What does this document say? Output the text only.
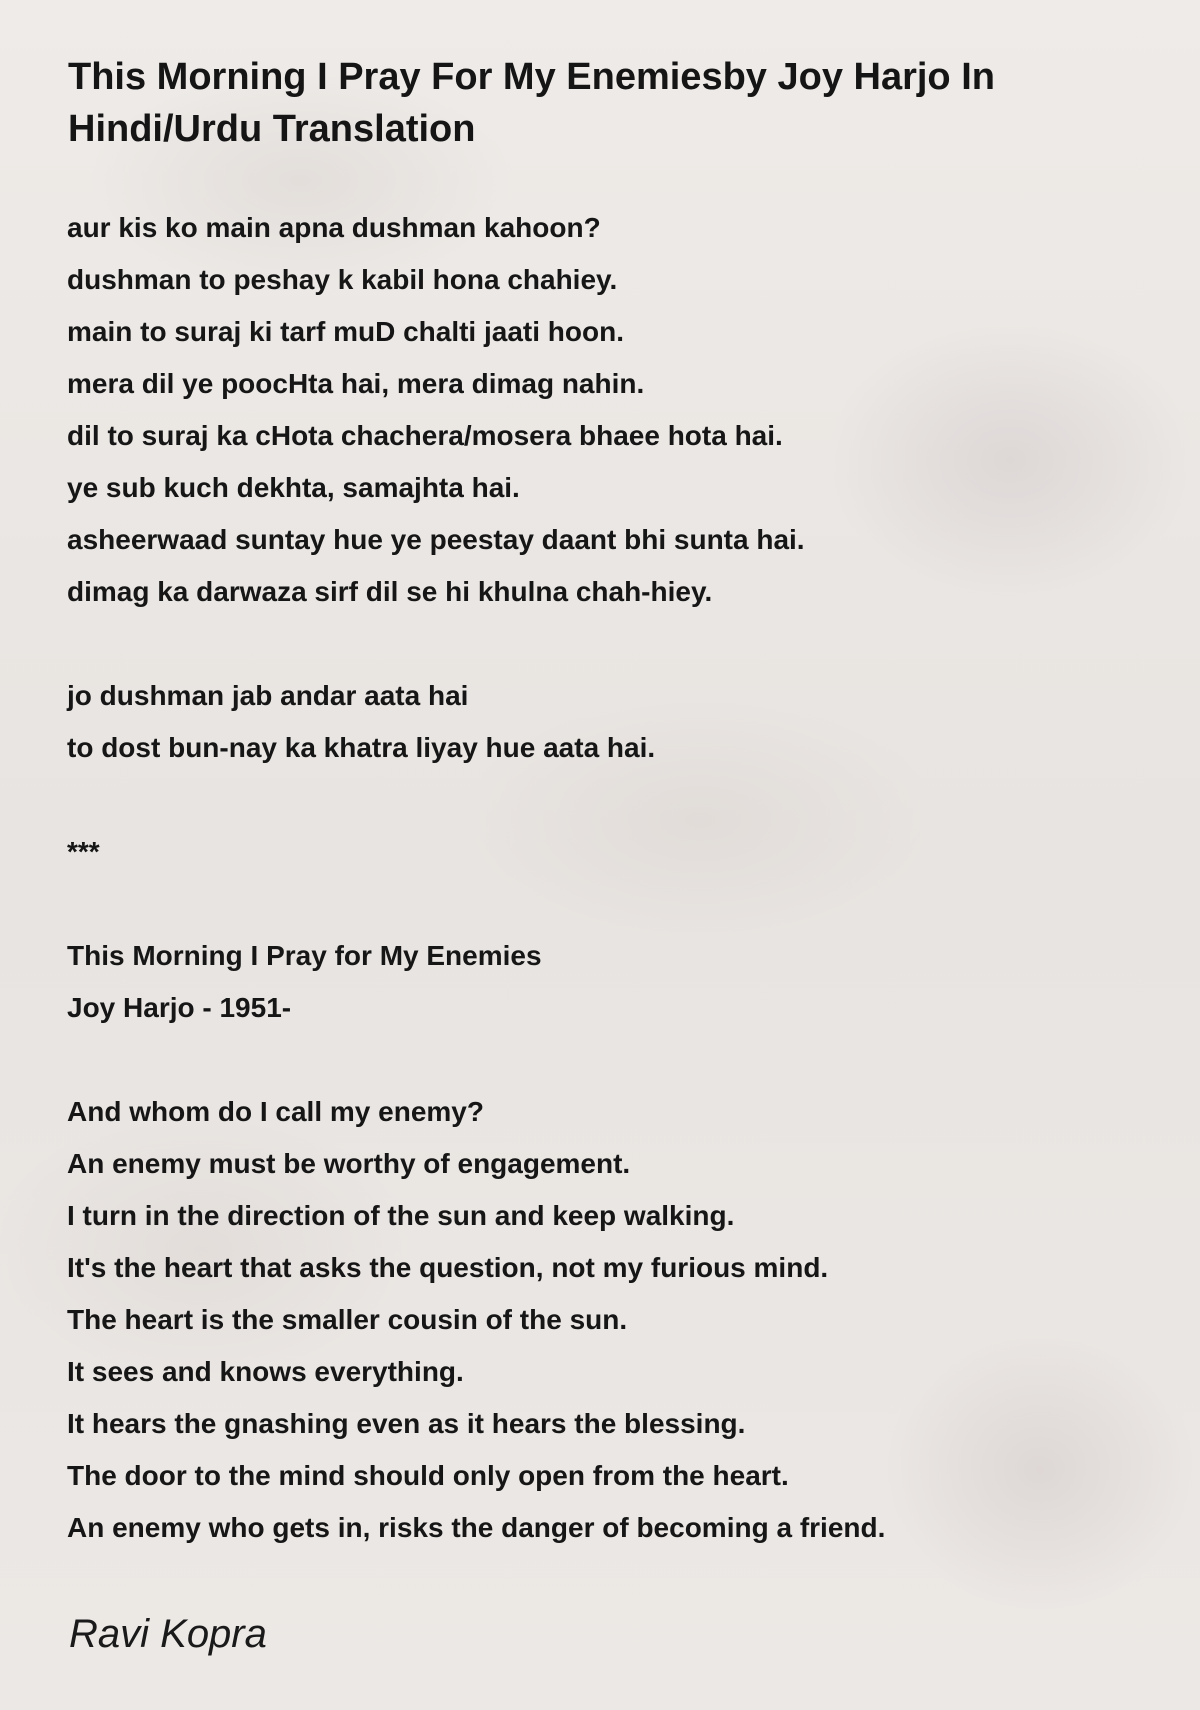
This Morning I Pray For My Enemiesby Joy Harjo In Hindi/Urdu Translation
aur kis ko main apna dushman kahoon?
dushman to peshay k kabil hona chahiey.
main to suraj ki tarf muD chalti jaati hoon.
mera dil ye poocHta hai, mera dimag nahin.
dil to suraj ka cHota chachera/mosera bhaee hota hai.
ye sub kuch dekhta, samajhta hai.
asheerwaad suntay hue ye peestay daant bhi sunta hai.
dimag ka darwaza sirf dil se hi khulna chah-hiey.
jo dushman jab andar aata hai
to dost bun-nay ka khatra liyay hue aata hai.
***
This Morning I Pray for My Enemies
Joy Harjo - 1951-
And whom do I call my enemy?
An enemy must be worthy of engagement.
I turn in the direction of the sun and keep walking.
It's the heart that asks the question, not my furious mind.
The heart is the smaller cousin of the sun.
It sees and knows everything.
It hears the gnashing even as it hears the blessing.
The door to the mind should only open from the heart.
An enemy who gets in, risks the danger of becoming a friend.
Ravi Kopra
